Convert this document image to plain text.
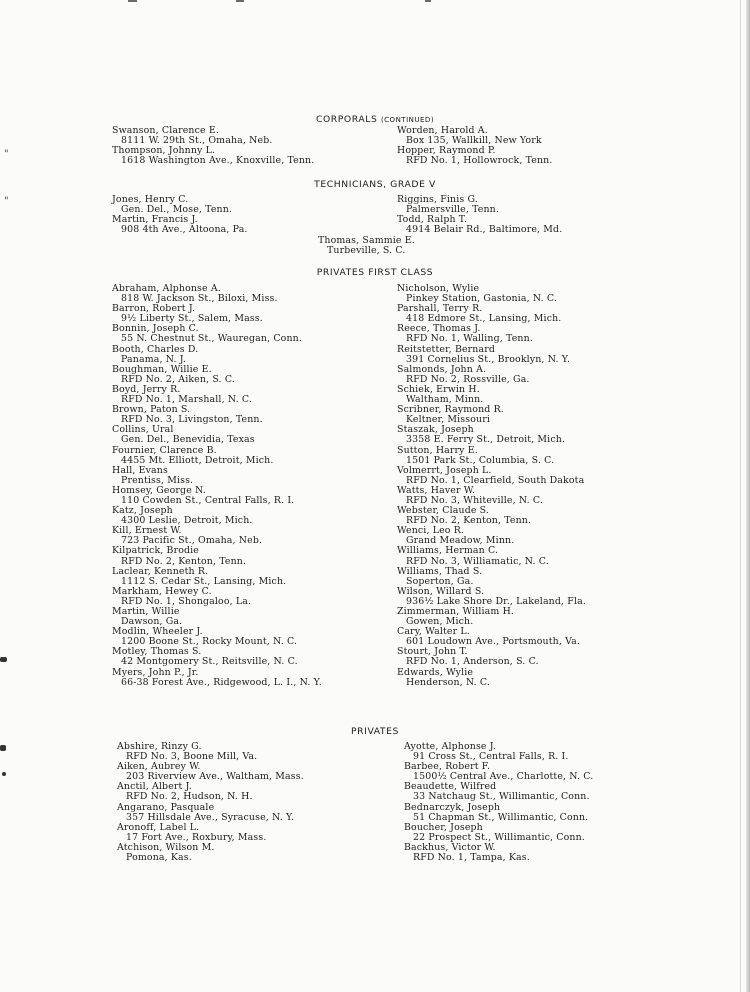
"
"
CORPORALS (CONTINUED)
Swanson, Clarence E.
8111 W. 29th St., Omaha, Neb.
Thompson, Johnny L.
1618 Washington Ave., Knoxville, Tenn.
Worden, Harold A.
Box 135, Wallkill, New York
Hopper, Raymond P.
RFD No. 1, Hollowrock, Tenn.
TECHNICIANS, GRADE V
Jones, Henry C.
Gen. Del., Mose, Tenn.
Martin, Francis J.
908 4th Ave., Altoona, Pa.
Riggins, Finis G.
Palmersville, Tenn.
Todd, Ralph T.
4914 Belair Rd., Baltimore, Md.
Thomas, Sammie E.
Turbeville, S. C.
PRIVATES FIRST CLASS
Abraham, Alphonse A.
818 W. Jackson St., Biloxi, Miss.
Barron, Robert J.
9½ Liberty St., Salem, Mass.
Bonnin, Joseph C.
55 N. Chestnut St., Wauregan, Conn.
Booth, Charles D.
Panama, N. J.
Boughman, Willie E.
RFD No. 2, Aiken, S. C.
Boyd, Jerry R.
RFD No. 1, Marshall, N. C.
Brown, Paton S.
RFD No. 3, Livingston, Tenn.
Collins, Ural
Gen. Del., Benevidia, Texas
Fournier, Clarence B.
4455 Mt. Elliott, Detroit, Mich.
Hall, Evans
Prentiss, Miss.
Homsey, George N.
110 Cowden St., Central Falls, R. I.
Katz, Joseph
4300 Leslie, Detroit, Mich.
Kill, Ernest W.
723 Pacific St., Omaha, Neb.
Kilpatrick, Brodie
RFD No. 2, Kenton, Tenn.
Laclear, Kenneth R.
1112 S. Cedar St., Lansing, Mich.
Markham, Hewey C.
RFD No. 1, Shongaloo, La.
Martin, Willie
Dawson, Ga.
Modlin, Wheeler J.
1200 Boone St., Rocky Mount, N. C.
Motley, Thomas S.
42 Montgomery St., Reitsville, N. C.
Myers, John P., Jr.
66-38 Forest Ave., Ridgewood, L. I., N. Y.
Nicholson, Wylie
Pinkey Station, Gastonia, N. C.
Parshall, Terry R.
418 Edmore St., Lansing, Mich.
Reece, Thomas J.
RFD No. 1, Walling, Tenn.
Reitstetter, Bernard
391 Cornelius St., Brooklyn, N. Y.
Salmonds, John A.
RFD No. 2, Rossville, Ga.
Schiek, Erwin H.
Waltham, Minn.
Scribner, Raymond R.
Keltner, Missouri
Staszak, Joseph
3358 E. Ferry St., Detroit, Mich.
Sutton, Harry E.
1501 Park St., Columbia, S. C.
Volmerrt, Joseph L.
RFD No. 1, Clearfield, South Dakota
Watts, Haver W.
RFD No. 3, Whiteville, N. C.
Webster, Claude S.
RFD No. 2, Kenton, Tenn.
Wenci, Leo R.
Grand Meadow, Minn.
Williams, Herman C.
RFD No. 3, Williamatic, N. C.
Williams, Thad S.
Soperton, Ga.
Wilson, Willard S.
936½ Lake Shore Dr., Lakeland, Fla.
Zimmerman, William H.
Gowen, Mich.
Cary, Walter L.
601 Loudown Ave., Portsmouth, Va.
Stourt, John T.
RFD No. 1, Anderson, S. C.
Edwards, Wylie
Henderson, N. C.
PRIVATES
Abshire, Rinzy G.
RFD No. 3, Boone Mill, Va.
Aiken, Aubrey W.
203 Riverview Ave., Waltham, Mass.
Anctil, Albert J.
RFD No. 2, Hudson, N. H.
Angarano, Pasquale
357 Hillsdale Ave., Syracuse, N. Y.
Aronoff, Label L.
17 Fort Ave., Roxbury, Mass.
Atchison, Wilson M.
Pomona, Kas.
Ayotte, Alphonse J.
91 Cross St., Central Falls, R. I.
Barbee, Robert F.
1500½ Central Ave., Charlotte, N. C.
Beaudette, Wilfred
33 Natchaug St., Willimantic, Conn.
Bednarczyk, Joseph
51 Chapman St., Willimantic, Conn.
Boucher, Joseph
22 Prospect St., Willimantic, Conn.
Backhus, Victor W.
RFD No. 1, Tampa, Kas.
